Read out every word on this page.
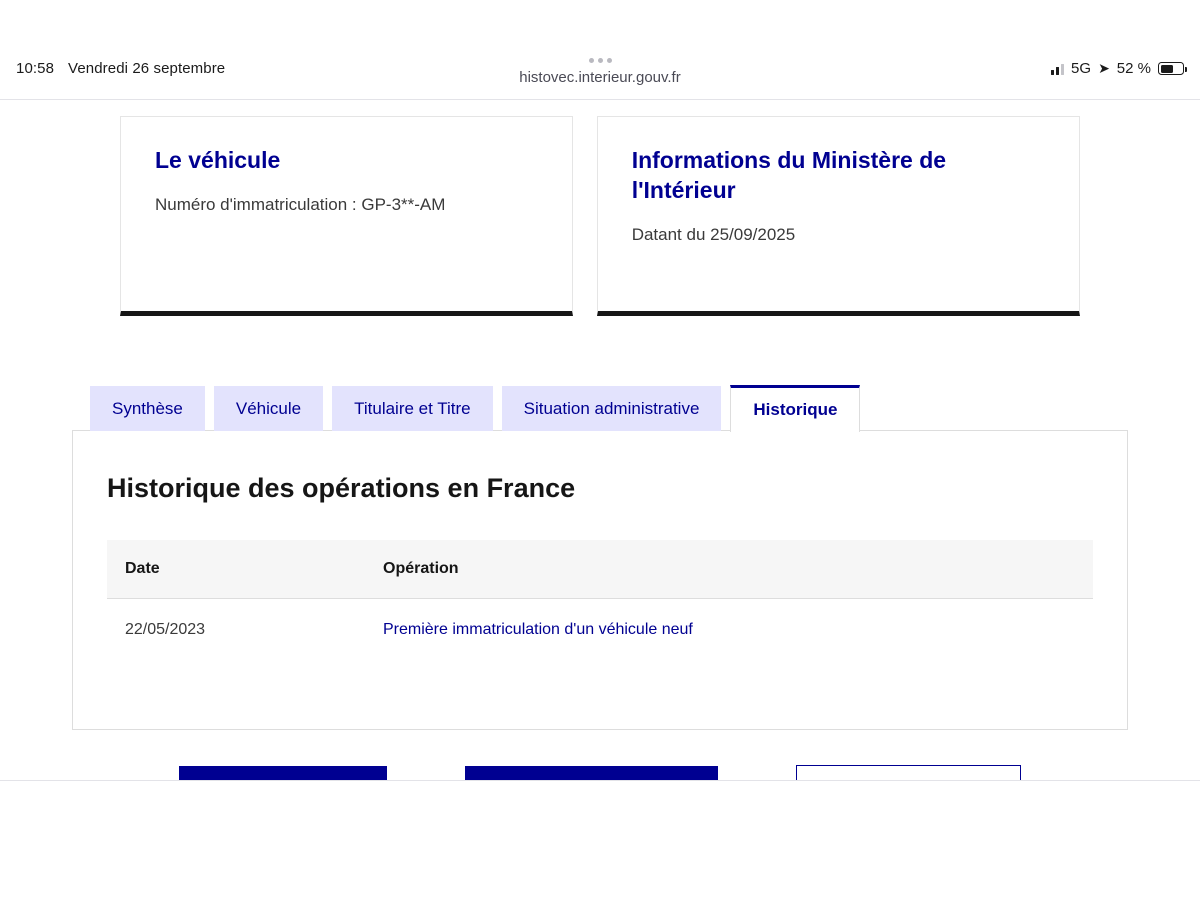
10:58 Vendredi 26 septembre
histovec.interieur.gouv.fr
5G ➤ 52 %
Le véhicule

Numéro d'immatriculation : GP-3**-AM

Informations du Ministère de l'Intérieur

Datant du 25/09/2025

Synthèse	Véhicule	Titulaire et Titre	Situation administrative	Historique
Historique des opérations en France
Date	Opération
22/05/2023	Première immatriculation d'un véhicule neuf
